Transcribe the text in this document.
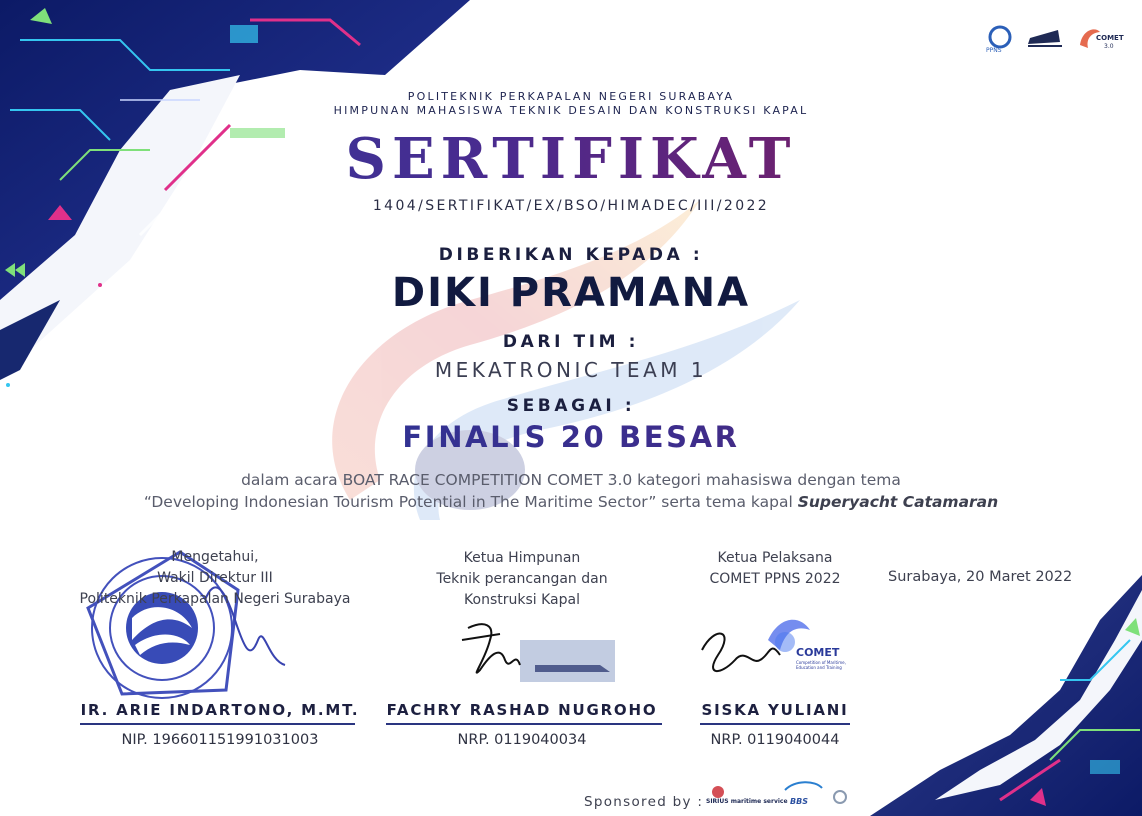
PPNS
COMET
3.0
POLITEKNIK PERKAPALAN NEGERI SURABAYA
HIMPUNAN MAHASISWA TEKNIK DESAIN DAN KONSTRUKSI KAPAL
SERTIFIKAT
1404/SERTIFIKAT/EX/BSO/HIMADEC/III/2022
DIBERIKAN KEPADA :
DIKI PRAMANA
DARI TIM :
MEKATRONIC TEAM 1
SEBAGAI :
FINALIS 20 BESAR
dalam acara BOAT RACE COMPETITION COMET 3.0 kategori mahasiswa dengan tema
“Developing Indonesian Tourism Potential in The Maritime Sector” serta tema kapal Superyacht Catamaran
Mengetahui,
Wakil Direktur III
Politeknik Perkapalan Negeri Surabaya
IR. ARIE INDARTONO, M.MT.
NIP. 196601151991031003
Ketua Himpunan
Teknik perancangan dan
Konstruksi Kapal
FACHRY RASHAD NUGROHO
NRP. 0119040034
Ketua Pelaksana
COMET PPNS 2022
COMET
Competition of Maritime, Education and Training
SISKA YULIANI
NRP. 0119040044
Surabaya, 20 Maret 2022
Sponsored by : SIRIUS maritime service BBS
